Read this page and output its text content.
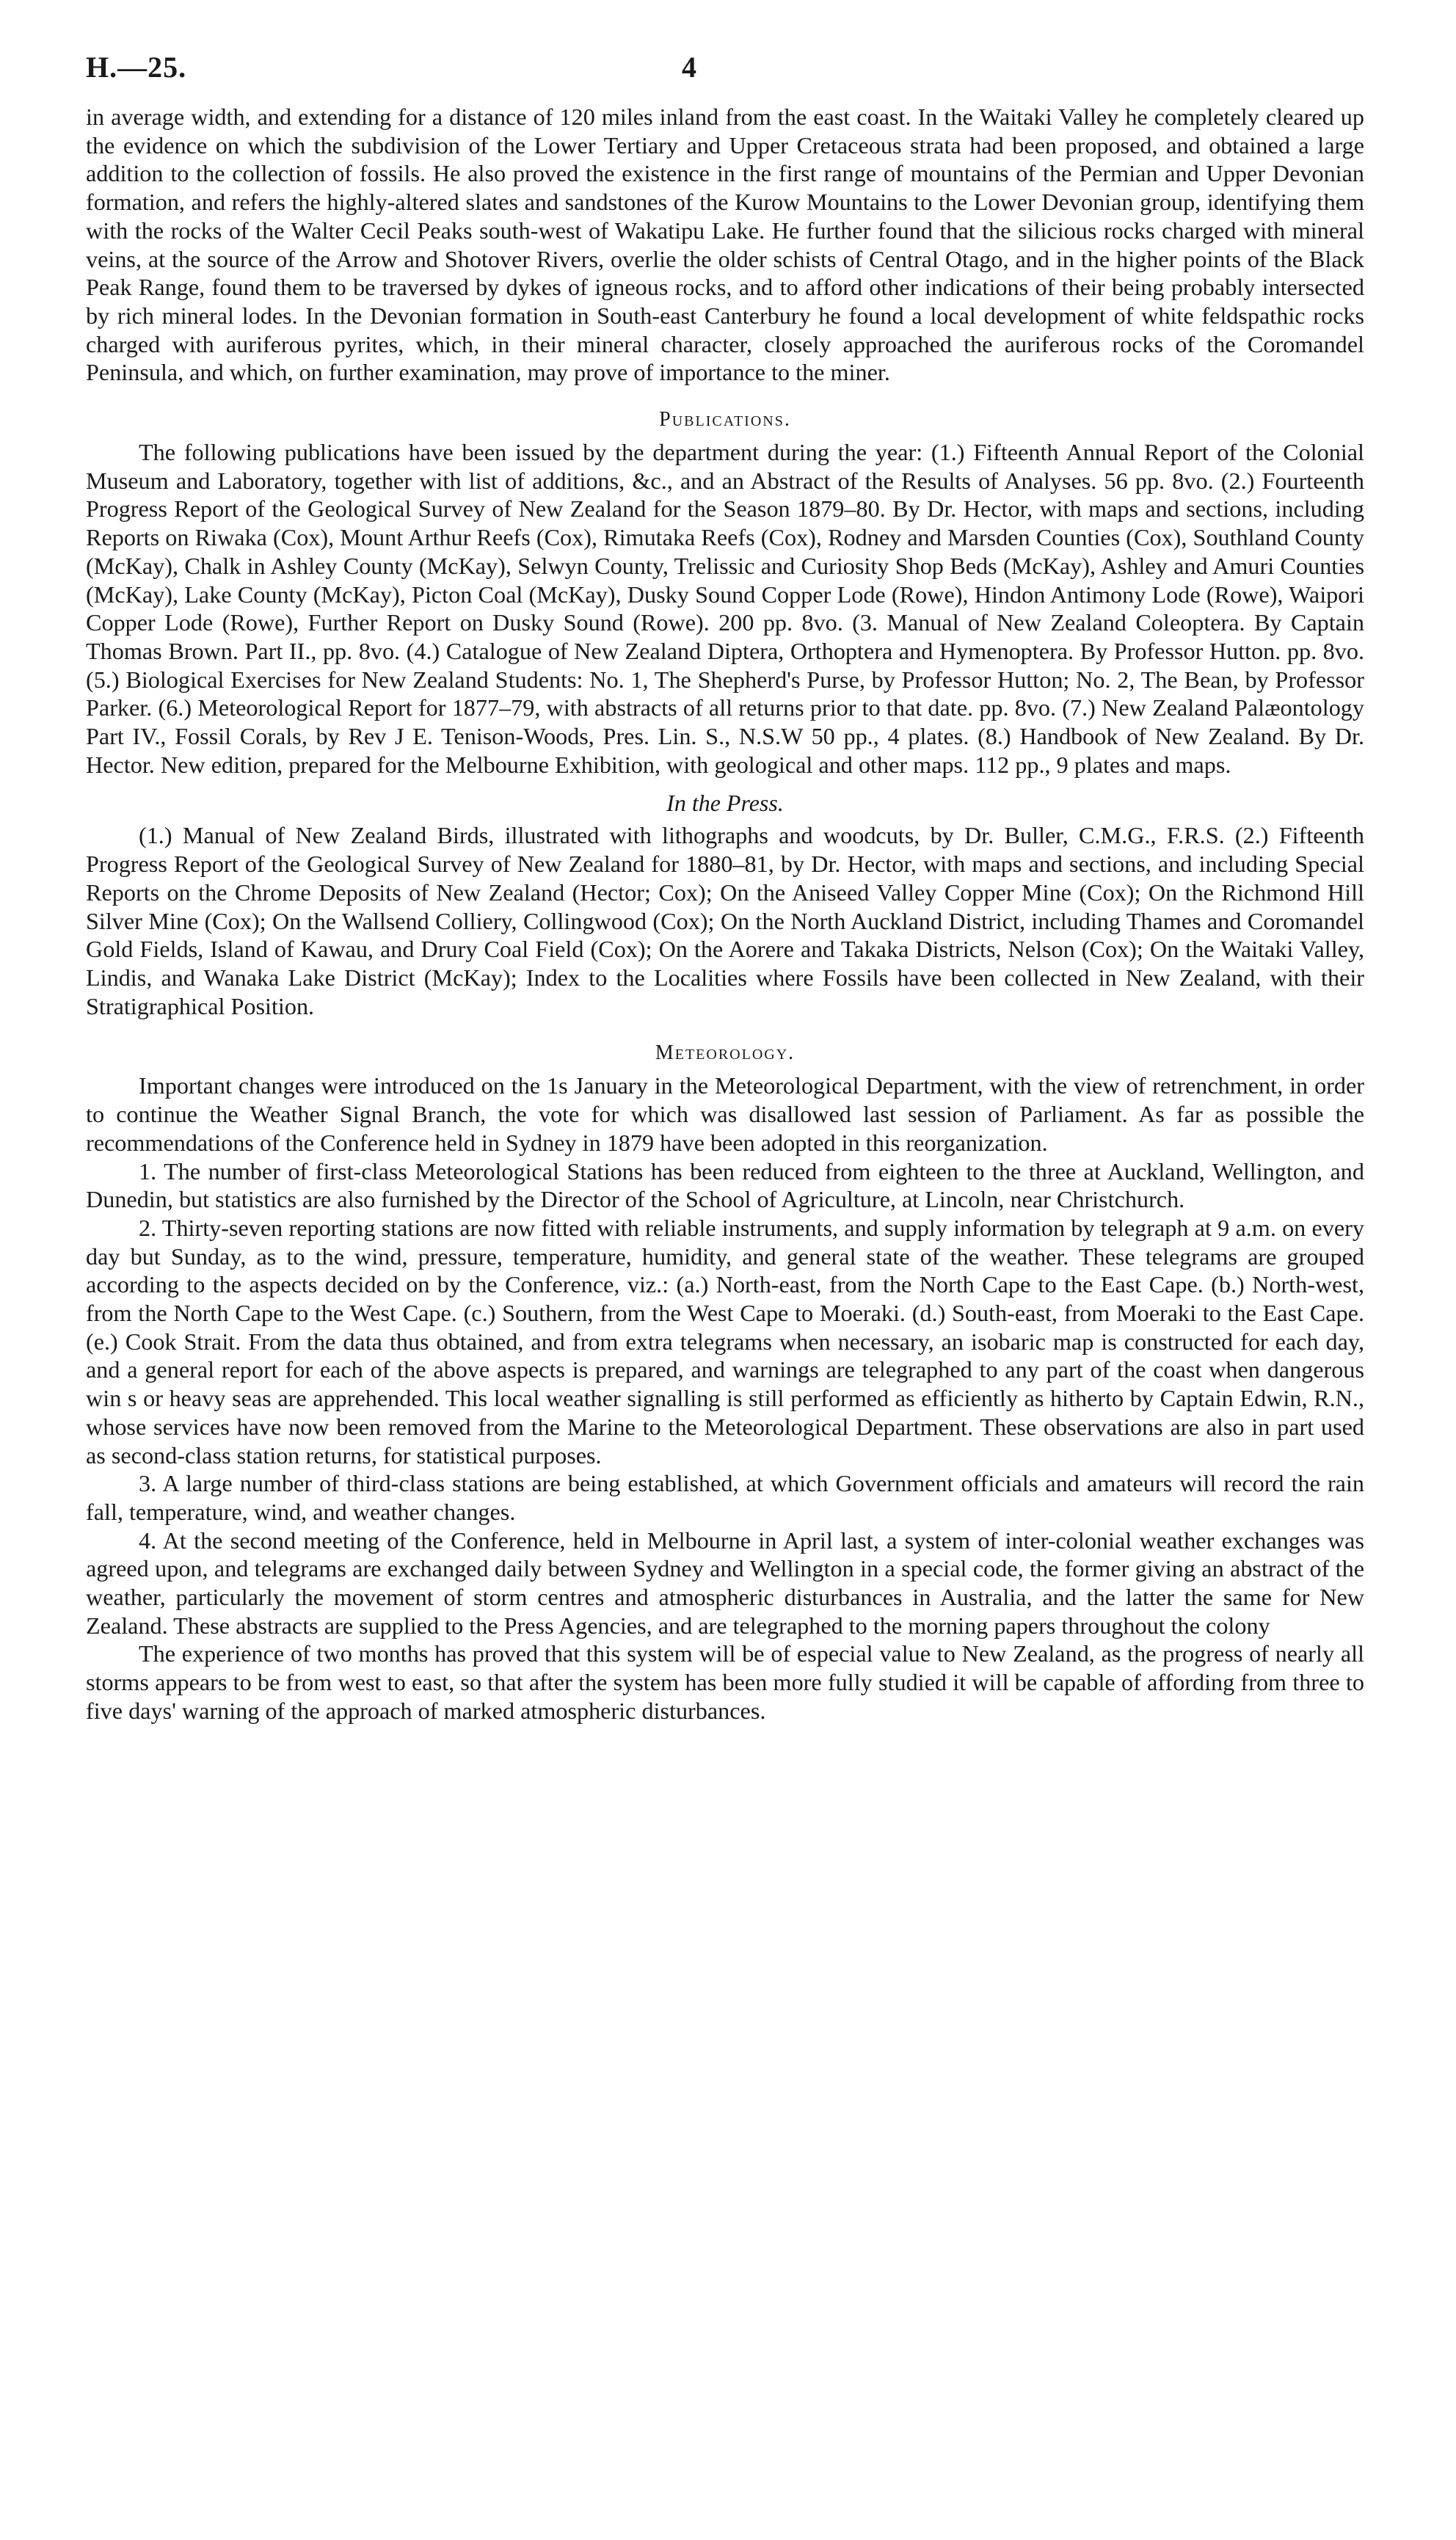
H.—25.	4

in average width, and extending for a distance of 120 miles inland from the east coast. In the Waitaki Valley he completely cleared up the evidence on which the subdivision of the Lower Tertiary and Upper Cretaceous strata had been proposed, and obtained a large addition to the collection of fossils. He also proved the existence in the first range of mountains of the Permian and Upper Devonian formation, and refers the highly-altered slates and sandstones of the Kurow Mountains to the Lower Devonian group, identifying them with the rocks of the Walter Cecil Peaks south-west of Wakatipu Lake. He further found that the silicious rocks charged with mineral veins, at the source of the Arrow and Shotover Rivers, overlie the older schists of Central Otago, and in the higher points of the Black Peak Range, found them to be traversed by dykes of igneous rocks, and to afford other indications of their being probably intersected by rich mineral lodes. In the Devonian formation in South-east Canterbury he found a local development of white feldspathic rocks charged with auriferous pyrites, which, in their mineral character, closely approached the auriferous rocks of the Coromandel Peninsula, and which, on further examination, may prove of importance to the miner.

Publications.

The following publications have been issued by the department during the year: (1.) Fifteenth Annual Report of the Colonial Museum and Laboratory, together with list of additions, &c., and an Abstract of the Results of Analyses. 56 pp. 8vo. (2.) Fourteenth Progress Report of the Geological Survey of New Zealand for the Season 1879–80. By Dr. Hector, with maps and sections, including Reports on Riwaka (Cox), Mount Arthur Reefs (Cox), Rimutaka Reefs (Cox), Rodney and Marsden Counties (Cox), Southland County (McKay), Chalk in Ashley County (McKay), Selwyn County, Trelissic and Curiosity Shop Beds (McKay), Ashley and Amuri Counties (McKay), Lake County (McKay), Picton Coal (McKay), Dusky Sound Copper Lode (Rowe), Hindon Antimony Lode (Rowe), Waipori Copper Lode (Rowe), Further Report on Dusky Sound (Rowe). 200 pp. 8vo. (3. Manual of New Zealand Coleoptera. By Captain Thomas Brown. Part II., pp. 8vo. (4.) Catalogue of New Zealand Diptera, Orthoptera and Hymenoptera. By Professor Hutton. pp. 8vo. (5.) Biological Exercises for New Zealand Students: No. 1, The Shepherd's Purse, by Professor Hutton; No. 2, The Bean, by Professor Parker. (6.) Meteorological Report for 1877–79, with abstracts of all returns prior to that date. pp. 8vo. (7.) New Zealand Palæontology Part IV., Fossil Corals, by Rev J E. Tenison-Woods, Pres. Lin. S., N.S.W 50 pp., 4 plates. (8.) Handbook of New Zealand. By Dr. Hector. New edition, prepared for the Melbourne Exhibition, with geological and other maps. 112 pp., 9 plates and maps.

In the Press.

(1.) Manual of New Zealand Birds, illustrated with lithographs and woodcuts, by Dr. Buller, C.M.G., F.R.S. (2.) Fifteenth Progress Report of the Geological Survey of New Zealand for 1880–81, by Dr. Hector, with maps and sections, and including Special Reports on the Chrome Deposits of New Zealand (Hector; Cox); On the Aniseed Valley Copper Mine (Cox); On the Richmond Hill Silver Mine (Cox); On the Wallsend Colliery, Collingwood (Cox); On the North Auckland District, including Thames and Coromandel Gold Fields, Island of Kawau, and Drury Coal Field (Cox); On the Aorere and Takaka Districts, Nelson (Cox); On the Waitaki Valley, Lindis, and Wanaka Lake District (McKay); Index to the Localities where Fossils have been collected in New Zealand, with their Stratigraphical Position.

Meteorology.

Important changes were introduced on the 1s January in the Meteorological Department, with the view of retrenchment, in order to continue the Weather Signal Branch, the vote for which was disallowed last session of Parliament. As far as possible the recommendations of the Conference held in Sydney in 1879 have been adopted in this reorganization.

1. The number of first-class Meteorological Stations has been reduced from eighteen to the three at Auckland, Wellington, and Dunedin, but statistics are also furnished by the Director of the School of Agriculture, at Lincoln, near Christchurch.

2. Thirty-seven reporting stations are now fitted with reliable instruments, and supply information by telegraph at 9 a.m. on every day but Sunday, as to the wind, pressure, temperature, humidity, and general state of the weather. These telegrams are grouped according to the aspects decided on by the Conference, viz.: (a.) North-east, from the North Cape to the East Cape. (b.) North-west, from the North Cape to the West Cape. (c.) Southern, from the West Cape to Moeraki. (d.) South-east, from Moeraki to the East Cape. (e.) Cook Strait. From the data thus obtained, and from extra telegrams when necessary, an isobaric map is constructed for each day, and a general report for each of the above aspects is prepared, and warnings are telegraphed to any part of the coast when dangerous win s or heavy seas are apprehended. This local weather signalling is still performed as efficiently as hitherto by Captain Edwin, R.N., whose services have now been removed from the Marine to the Meteorological Department. These observations are also in part used as second-class station returns, for statistical purposes.

3. A large number of third-class stations are being established, at which Government officials and amateurs will record the rain fall, temperature, wind, and weather changes.

4. At the second meeting of the Conference, held in Melbourne in April last, a system of inter-colonial weather exchanges was agreed upon, and telegrams are exchanged daily between Sydney and Wellington in a special code, the former giving an abstract of the weather, particularly the movement of storm centres and atmospheric disturbances in Australia, and the latter the same for New Zealand. These abstracts are supplied to the Press Agencies, and are telegraphed to the morning papers throughout the colony

The experience of two months has proved that this system will be of especial value to New Zealand, as the progress of nearly all storms appears to be from west to east, so that after the system has been more fully studied it will be capable of affording from three to five days' warning of the approach of marked atmospheric disturbances.
